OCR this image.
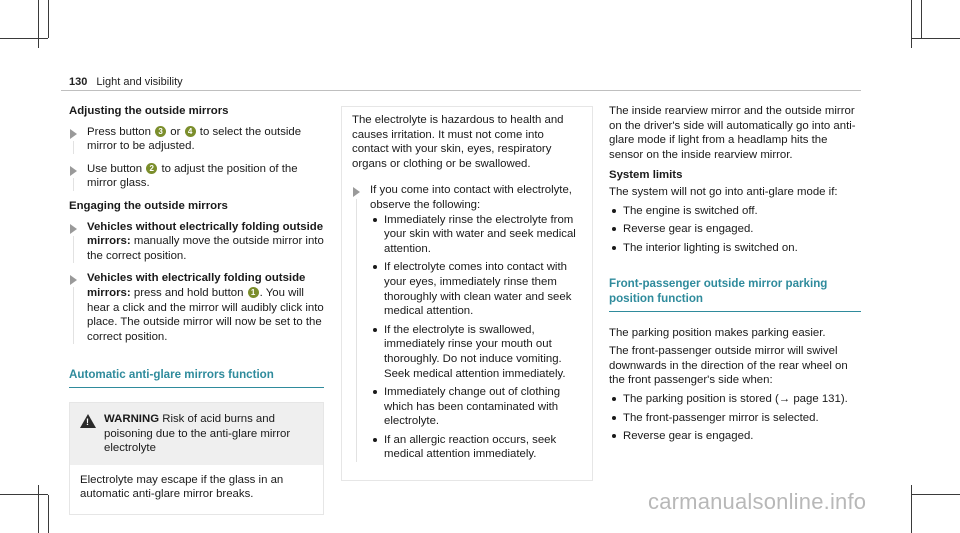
130 Light and visibility
Adjusting the outside mirrors
Press button 3 or 4 to select the outside mirror to be adjusted.
Use button 2 to adjust the position of the mirror glass.
Engaging the outside mirrors
Vehicles without electrically folding outside mirrors: manually move the outside mirror into the correct position.
Vehicles with electrically folding outside mirrors: press and hold button 1 . You will hear a click and the mirror will audibly click into place. The outside mirror will now be set to the correct position.
Automatic anti-glare mirrors function
! WARNING Risk of acid burns and poisoning due to the anti-glare mirror electrolyte
Electrolyte may escape if the glass in an automatic anti-glare mirror breaks.

The electrolyte is hazardous to health and causes irritation. It must not come into contact with your skin, eyes, respiratory organs or clothing or be swallowed.

If you come into contact with electrolyte, observe the following:
Immediately rinse the electrolyte from your skin with water and seek medical attention.
If electrolyte comes into contact with your eyes, immediately rinse them thoroughly with clean water and seek medical attention.
If the electrolyte is swallowed, immediately rinse your mouth out thoroughly. Do not induce vomiting. Seek medical attention immediately.
Immediately change out of clothing which has been contaminated with electrolyte.
If an allergic reaction occurs, seek medical attention immediately.

The inside rearview mirror and the outside mirror on the driver's side will automatically go into anti-glare mode if light from a headlamp hits the sensor on the inside rearview mirror.

System limits

The system will not go into anti-glare mode if:

The engine is switched off.
Reverse gear is engaged.
The interior lighting is switched on.
Front-passenger outside mirror parking position function

The parking position makes parking easier.

The front-passenger outside mirror will swivel downwards in the direction of the rear wheel on the front passenger's side when:

The parking position is stored (→ page 131).
The front-passenger mirror is selected.
Reverse gear is engaged.
carmanualsonline.info
